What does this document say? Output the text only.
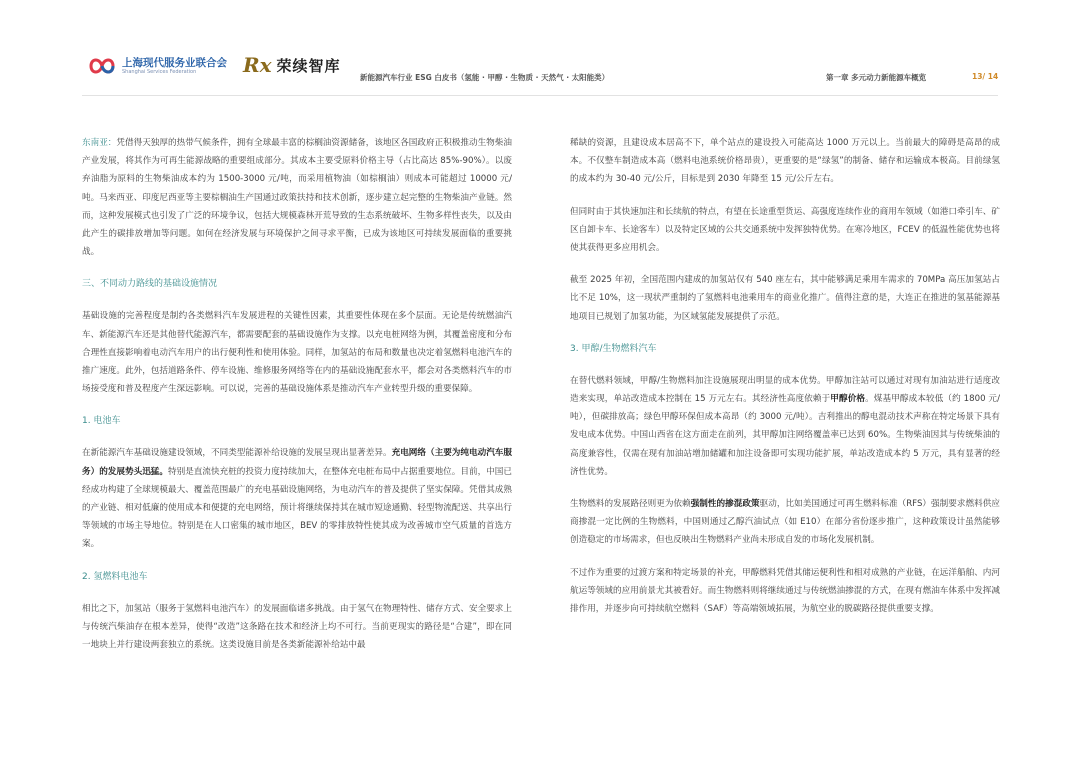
上海现代服务业联合会
Shanghai Services Federation	Rx 荣续智库
新能源汽车行业 ESG 白皮书（氢能 · 甲醇 · 生物质 · 天然气 · 太阳能类）	第一章 多元动力新能源车概览	13/ 14

东南亚：凭借得天独厚的热带气候条件，拥有全球最丰富的棕榈油资源储备，该地区各国政府正积极推动生物柴油产业发展，将其作为可再生能源战略的重要组成部分。其成本主要受原料价格主导（占比高达 85%-90%）。以废弃油脂为原料的生物柴油成本约为 1500-3000 元/吨，而采用植物油（如棕榈油）则成本可能超过 10000 元/吨。马来西亚、印度尼西亚等主要棕榈油生产国通过政策扶持和技术创新，逐步建立起完整的生物柴油产业链。然而，这种发展模式也引发了广泛的环境争议，包括大规模森林开荒导致的生态系统破坏、生物多样性丧失，以及由此产生的碳排放增加等问题。如何在经济发展与环境保护之间寻求平衡，已成为该地区可持续发展面临的重要挑战。

三、不同动力路线的基础设施情况

基础设施的完善程度是制约各类燃料汽车发展进程的关键性因素，其重要性体现在多个层面。无论是传统燃油汽车、新能源汽车还是其他替代能源汽车，都需要配套的基础设施作为支撑。以充电桩网络为例，其覆盖密度和分布合理性直接影响着电动汽车用户的出行便利性和使用体验。同样，加氢站的布局和数量也决定着氢燃料电池汽车的推广速度。此外，包括道路条件、停车设施、维修服务网络等在内的基础设施配套水平，都会对各类燃料汽车的市场接受度和普及程度产生深远影响。可以说，完善的基础设施体系是推动汽车产业转型升级的重要保障。

1. 电池车

在新能源汽车基础设施建设领域，不同类型能源补给设施的发展呈现出显著差异。充电网络（主要为纯电动汽车服务）的发展势头迅猛。特别是直流快充桩的投资力度持续加大，在整体充电桩布局中占据重要地位。目前，中国已经成功构建了全球规模最大、覆盖范围最广的充电基础设施网络，为电动汽车的普及提供了坚实保障。凭借其成熟的产业链、相对低廉的使用成本和便捷的充电网络，预计将继续保持其在城市短途通勤、轻型物流配送、共享出行等领域的市场主导地位。特别是在人口密集的城市地区，BEV 的零排放特性使其成为改善城市空气质量的首选方案。

2. 氢燃料电池车

相比之下，加氢站（服务于氢燃料电池汽车）的发展面临诸多挑战。由于氢气在物理特性、储存方式、安全要求上与传统汽柴油存在根本差异，使得“改造”这条路在技术和经济上均不可行。当前更现实的路径是“合建”，即在同一地块上并行建设两套独立的系统。这类设施目前是各类新能源补给站中最

稀缺的资源，且建设成本居高不下，单个站点的建设投入可能高达 1000 万元以上。当前最大的障碍是高昂的成本。不仅整车制造成本高（燃料电池系统价格昂贵），更重要的是“绿氢”的制备、储存和运输成本极高。目前绿氢的成本约为 30-40 元/公斤，目标是到 2030 年降至 15 元/公斤左右。

但同时由于其快速加注和长续航的特点，有望在长途重型货运、高强度连续作业的商用车领域（如港口牵引车、矿区自卸卡车、长途客车）以及特定区域的公共交通系统中发挥独特优势。在寒冷地区，FCEV 的低温性能优势也将使其获得更多应用机会。

截至 2025 年初，全国范围内建成的加氢站仅有 540 座左右，其中能够满足乘用车需求的 70MPa 高压加氢站占比不足 10%，这一现状严重制约了氢燃料电池乘用车的商业化推广。值得注意的是，大连正在推进的氢基能源基地项目已规划了加氢功能，为区域氢能发展提供了示范。

3. 甲醇/生物燃料汽车

在替代燃料领域，甲醇/生物燃料加注设施展现出明显的成本优势。甲醇加注站可以通过对现有加油站进行适度改造来实现，单站改造成本控制在 15 万元左右。其经济性高度依赖于甲醇价格。煤基甲醇成本较低（约 1800 元/吨），但碳排放高；绿色甲醇环保但成本高昂（约 3000 元/吨）。吉利推出的醇电混动技术声称在特定场景下具有发电成本优势。中国山西省在这方面走在前列，其甲醇加注网络覆盖率已达到 60%。生物柴油因其与传统柴油的高度兼容性，仅需在现有加油站增加储罐和加注设备即可实现功能扩展，单站改造成本约 5 万元，具有显著的经济性优势。

生物燃料的发展路径则更为依赖强制性的掺混政策驱动，比如美国通过可再生燃料标准（RFS）强制要求燃料供应商掺混一定比例的生物燃料，中国则通过乙醇汽油试点（如 E10）在部分省份逐步推广，这种政策设计虽然能够创造稳定的市场需求，但也反映出生物燃料产业尚未形成自发的市场化发展机制。

不过作为重要的过渡方案和特定场景的补充，甲醇燃料凭借其储运便利性和相对成熟的产业链，在远洋船舶、内河航运等领域的应用前景尤其被看好。而生物燃料则将继续通过与传统燃油掺混的方式，在现有燃油车体系中发挥减排作用，并逐步向可持续航空燃料（SAF）等高端领域拓展，为航空业的脱碳路径提供重要支撑。
